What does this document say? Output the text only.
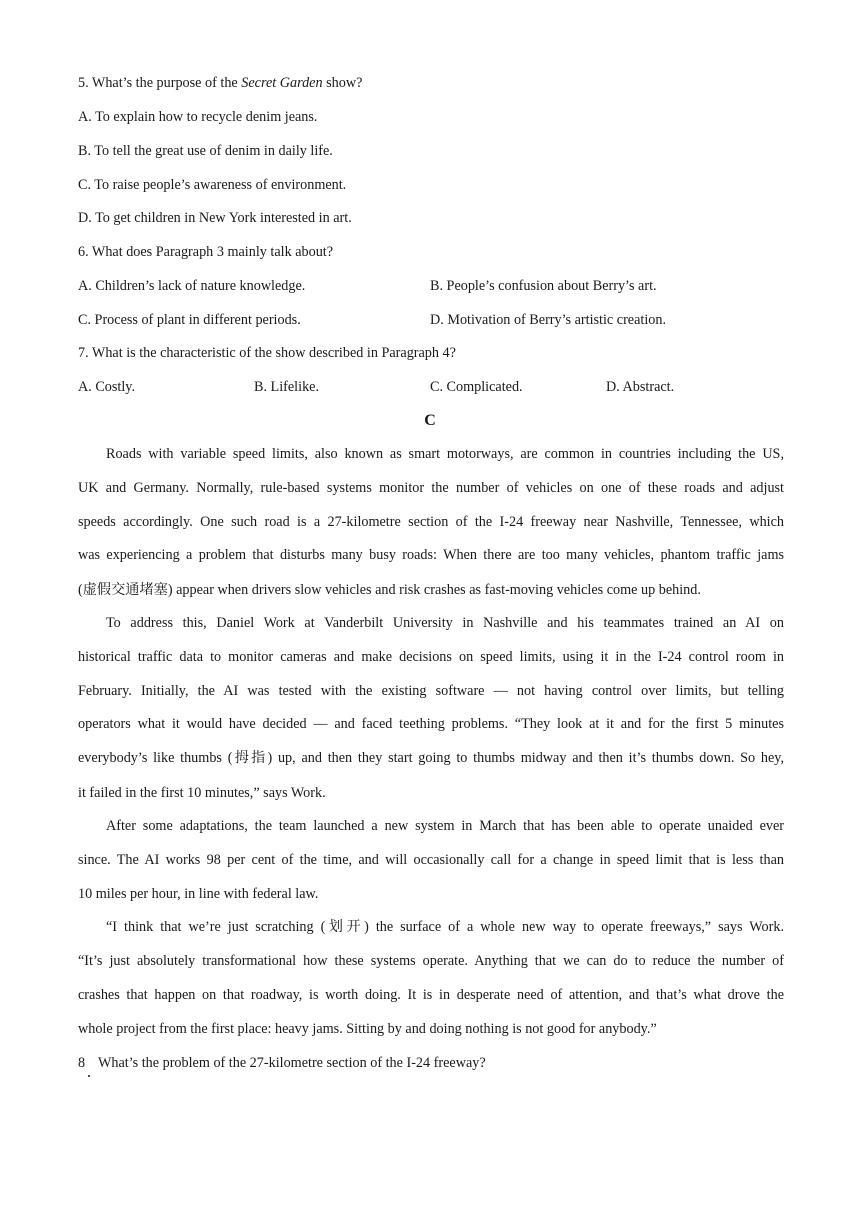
5. What’s the purpose of the Secret Garden show?
A. To explain how to recycle denim jeans.
B. To tell the great use of denim in daily life.
C. To raise people’s awareness of environment.
D. To get children in New York interested in art.
6. What does Paragraph 3 mainly talk about?
A. Children’s lack of nature knowledge.	B. People’s confusion about Berry’s art.
C. Process of plant in different periods.	D. Motivation of Berry’s artistic creation.
7. What is the characteristic of the show described in Paragraph 4?
A. Costly.	B. Lifelike.	C. Complicated.	D. Abstract.
C
Roads with variable speed limits, also known as smart motorways, are common in countries including the US,
UK and Germany. Normally, rule-based systems monitor the number of vehicles on one of these roads and adjust
speeds accordingly. One such road is a 27-kilometre section of the I-24 freeway near Nashville, Tennessee, which
was experiencing a problem that disturbs many busy roads: When there are too many vehicles, phantom traffic jams
(虚假交通堵塞) appear when drivers slow vehicles and risk crashes as fast-moving vehicles come up behind.
To address this, Daniel Work at Vanderbilt University in Nashville and his teammates trained an AI on
historical traffic data to monitor cameras and make decisions on speed limits, using it in the I-24 control room in
February. Initially, the AI was tested with the existing software — not having control over limits, but telling
operators what it would have decided — and faced teething problems. “They look at it and for the first 5 minutes
everybody’s like thumbs (拇指) up, and then they start going to thumbs midway and then it’s thumbs down. So hey,
it failed in the first 10 minutes,” says Work.
After some adaptations, the team launched a new system in March that has been able to operate unaided ever
since. The AI works 98 per cent of the time, and will occasionally call for a change in speed limit that is less than
10 miles per hour, in line with federal law.
“I think that we’re just scratching (划开) the surface of a whole new way to operate freeways,” says Work.
“It’s just absolutely transformational how these systems operate. Anything that we can do to reduce the number of
crashes that happen on that roadway, is worth doing. It is in desperate need of attention, and that’s what drove the
whole project from the first place: heavy jams. Sitting by and doing nothing is not good for anybody.”
8 What’s the problem of the 27-kilometre section of the I-24 freeway?
